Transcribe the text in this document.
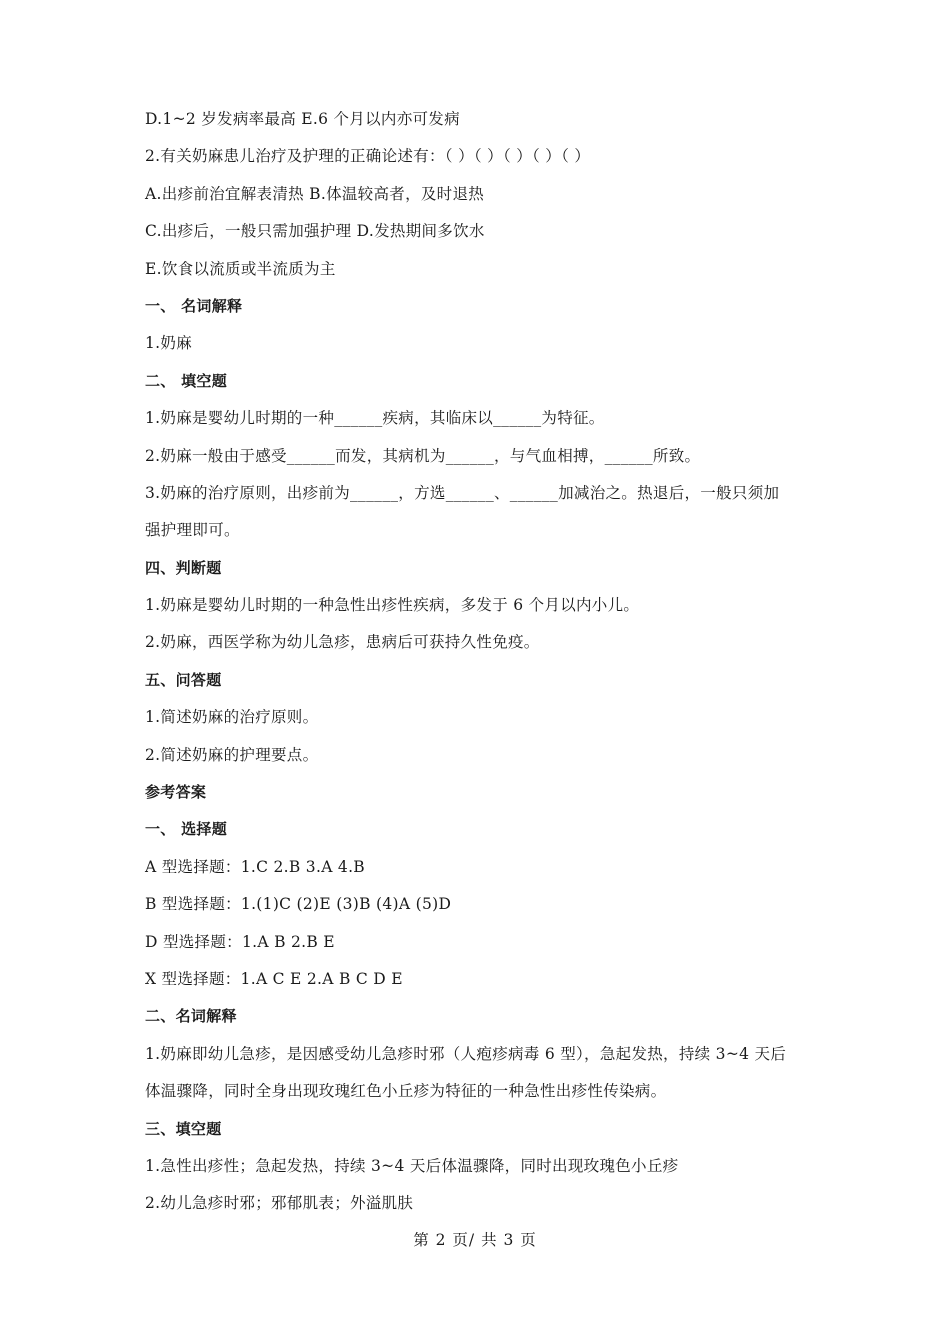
D.1~2 岁发病率最高 E.6 个月以内亦可发病
2.有关奶麻患儿治疗及护理的正确论述有：（ ）（ ）（ ）（ ）（ ）
A.出疹前治宜解表清热 B.体温较高者，及时退热
C.出疹后，一般只需加强护理 D.发热期间多饮水
E.饮食以流质或半流质为主
一、 名词解释
1.奶麻
二、 填空题
1.奶麻是婴幼儿时期的一种______疾病，其临床以______为特征。
2.奶麻一般由于感受______而发，其病机为______，与气血相搏，______所致。
3.奶麻的治疗原则，出疹前为______，方选______、______加减治之。热退后，一般只须加
强护理即可。
四、判断题
1.奶麻是婴幼儿时期的一种急性出疹性疾病，多发于 6 个月以内小儿。
2.奶麻，西医学称为幼儿急疹，患病后可获持久性免疫。
五、问答题
1.简述奶麻的治疗原则。
2.简述奶麻的护理要点。
参考答案
一、 选择题
A 型选择题：1.C 2.B 3.A 4.B
B 型选择题：1.(1)C (2)E (3)B (4)A (5)D
D 型选择题：1.A B 2.B E
X 型选择题：1.A C E 2.A B C D E
二、名词解释
1.奶麻即幼儿急疹，是因感受幼儿急疹时邪（人疱疹病毒 6 型），急起发热，持续 3~4 天后
体温骤降，同时全身出现玫瑰红色小丘疹为特征的一种急性出疹性传染病。
三、填空题
1.急性出疹性；急起发热，持续 3~4 天后体温骤降，同时出现玫瑰色小丘疹
2.幼儿急疹时邪；邪郁肌表；外溢肌肤
第 2 页/ 共 3 页
